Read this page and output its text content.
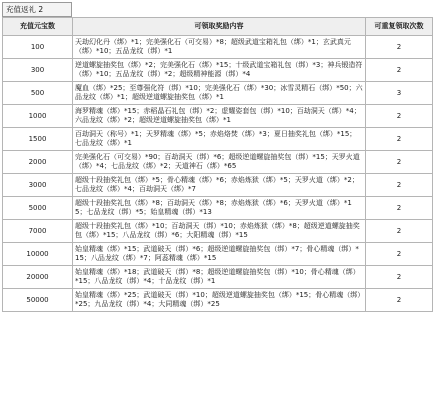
充值返礼 2
充值元宝数	可领取奖励内容	可重复领取次数
100	天劫幻化丹（绑）*1；完美强化石（可交易）*8；超级武道宝箱礼包（绑）*1；玄武真元（绑）*10；五品龙纹（绑）*1	2
300	逆道螺旋抽奖包（绑）*2；完美强化石（绑）*15；十级武道宝箱礼包（绑）*3；神兵锻造符（绑）*10；五品龙纹（绑）*2；超级精神能源（绑）*4	2
500	魔血（绑）*25；至尊强化符（绑）*10；完美强化石（绑）*30；冰雪灵精石（绑）*50；六品龙纹（绑）*1；超级逆道螺旋抽奖包（绑）*1	3
1000	海罗精魂（绑）*15；赤稻晶石礼包（绑）*2；虚耀姿套包（绑）*10；百劫洞天（绑）*4；六品龙纹（绑）*2；超级逆道螺旋抽奖包（绑）*1	2
1500	百劫洞天（称号）*1；天罗精魂（绑）*5；赤焰烙焚（绑）*3；夏日抽奖礼包（绑）*15；七品龙纹（绑）*1	2
2000	完美强化石（可交易）*90；百劫洞天（绑）*6；超级逆道螺旋抽奖包（绑）*15；天罗火道（绑）*4；七品龙纹（绑）*2；天道神石（绑）*65	2
3000	超级十段抽奖礼包（绑）*5；骨心精魂（绑）*6；赤焰炼狱（绑）*5；天罗火道（绑）*2；七品龙纹（绑）*4；百劫洞天（绑）*7	2
5000	超级十段抽奖礼包（绑）*8；百劫洞天（绑）*8；赤焰炼狱（绑）*6；天罗火道（绑）*15；七品龙纹（绑）*5；始皇精魂（绑）*13	2
7000	超级十段抽奖礼包（绑）*10；百劫洞天（绑）*10；赤焰炼狱（绑）*8；超级逆道螺旋抽奖包（绑）*15；八品龙纹（绑）*6；大阳精魂（绑）*15	2
10000	始皇精魂（绑）*15；武道破天（绑）*6；超级逆道螺旋抽奖包（绑）*7；骨心精魂（绑）*15；八品龙纹（绑）*7；阿蕊精魂（绑）*15	2
20000	始皇精魂（绑）*18；武道破天（绑）*8；超级逆道螺旋抽奖包（绑）*10；骨心精魂（绑）*15；八品龙纹（绑）*4；十品龙纹（绑）*1	2
50000	始皇精魂（绑）*25；武道破天（绑）*10；超级逆道螺旋抽奖包（绑）*15；骨心精魂（绑）*25；九品龙纹（绑）*4；大同精魂（绑）*25	2
